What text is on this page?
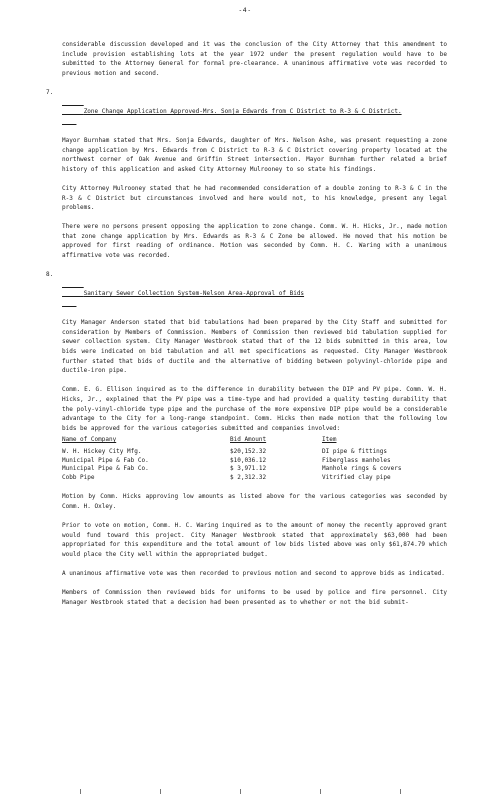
-4-

considerable discussion developed and it was the conclusion of the City Attorney that this amendment to include provision establishing lots at the year 1972 under the present regulation would have to be submitted to the Attorney General for formal pre-clearance. A unanimous affirmative vote was recorded to previous motion and second.

7.

Zone Change Application Approved-Mrs. Sonja Edwards from C District to R-3 & C District.

Mayor Burnham stated that Mrs. Sonja Edwards, daughter of Mrs. Nelson Ashe, was present requesting a zone change application by Mrs. Edwards from C District to R-3 & C District covering property located at the northwest corner of Oak Avenue and Griffin Street intersection. Mayor Burnham further related a brief history of this application and asked City Attorney Mulrooney to so state his findings.

City Attorney Mulrooney stated that he had recommended consideration of a double zoning to R-3 & C in the R-3 & C District but circumstances involved and here would not, to his knowledge, present any legal problems.

There were no persons present opposing the application to zone change. Comm. W. H. Hicks, Jr., made motion that zone change application by Mrs. Edwards as R-3 & C Zone be allowed. He moved that his motion be approved for first reading of ordinance. Motion was seconded by Comm. H. C. Waring with a unanimous affirmative vote was recorded.

8.

Sanitary Sewer Collection System-Nelson Area-Approval of Bids

City Manager Anderson stated that bid tabulations had been prepared by the City Staff and submitted for consideration by Members of Commission. Members of Commission then reviewed bid tabulation supplied for sewer collection system. City Manager Westbrook stated that of the 12 bids submitted in this area, low bids were indicated on bid tabulation and all met specifications as requested. City Manager Westbrook further stated that bids of ductile and the alternative of bidding between polyvinyl-chloride pipe and ductile-iron pipe.

Comm. E. G. Ellison inquired as to the difference in durability between the DIP and PV pipe. Comm. W. H. Hicks, Jr., explained that the PV pipe was a time-type and had provided a quality testing durability that the poly-vinyl-chloride type pipe and the purchase of the more expensive DIP pipe would be a considerable advantage to the City for a long-range standpoint. Comm. Hicks then made motion that the following low bids be approved for the various categories submitted and companies involved:

Name of Company	Bid Amount	Item
W. H. Hickey City Mfg.	$20,152.32	DI pipe & fittings
Municipal Pipe & Fab Co.	$10,036.12	Fiberglass manholes
Municipal Pipe & Fab Co.	$ 3,971.12	Manhole rings & covers
Cobb Pipe	$ 2,312.32	Vitrified clay pipe

Motion by Comm. Hicks approving low amounts as listed above for the various categories was seconded by Comm. H. Oxley.

Prior to vote on motion, Comm. H. C. Waring inquired as to the amount of money the recently approved grant would fund toward this project. City Manager Westbrook stated that approximately $63,000 had been appropriated for this expenditure and the total amount of low bids listed above was only $61,874.79 which would place the City well within the appropriated budget.

A unanimous affirmative vote was then recorded to previous motion and second to approve bids as indicated.

Members of Commission then reviewed bids for uniforms to be used by police and fire personnel. City Manager Westbrook stated that a decision had been presented as to whether or not the bid submit-
